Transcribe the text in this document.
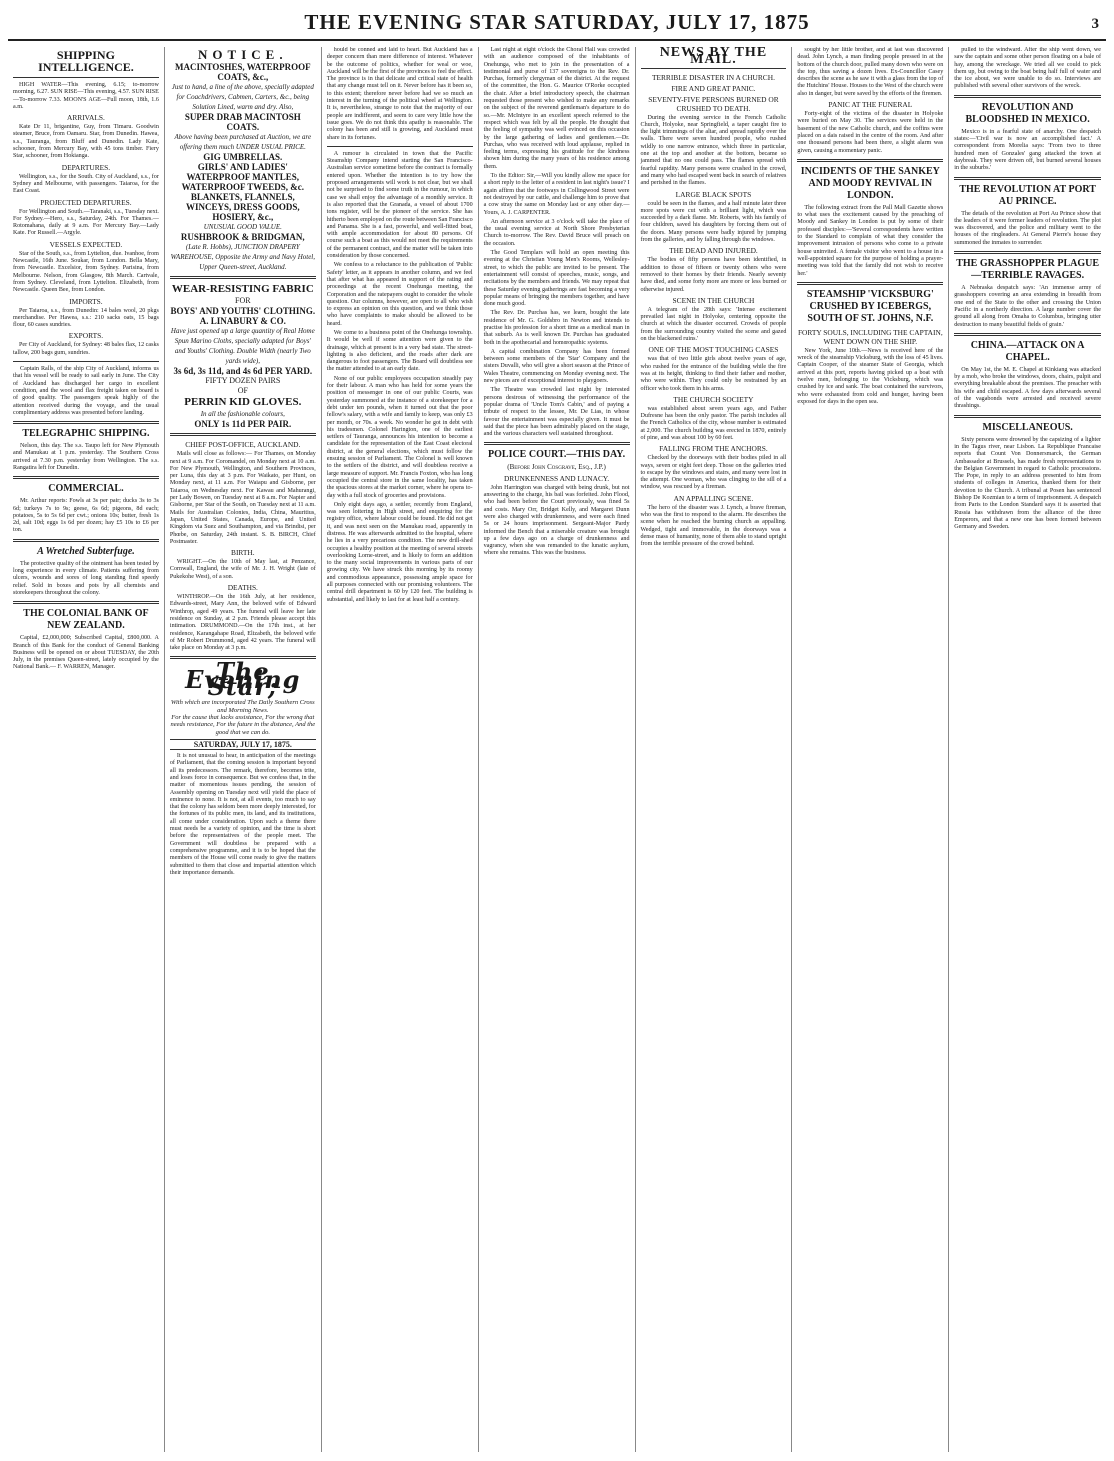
THE EVENING STAR SATURDAY, JULY 17, 1875	3
SHIPPING INTELLIGENCE.
HIGH WATER—This evening, 6.15; to-morrow morning, 6.27. SUN RISE—This evening, 4.57. SUN RISE—To-morrow 7.33. MOON'S AGE—Full moon, 18th, 1.6 a.m.
ARRIVALS.
Kate Dr 11, brigantine, Guy, from Timaru. Goodwin steamer, Bruce, from Oamaru. Star, from Dunedin. Hawea, s.s., Tauranga, from Bluff and Dunedin. Lady Kate, schooner, from Mercury Bay, with 45 tons timber. Fiery Star, schooner, from Hokianga.
DEPARTURES.
Wellington, s.s., for the South. City of Auckland, s.s., for Sydney and Melbourne, with passengers. Taiaroa, for the East Coast.
PROJECTED DEPARTURES.
For Wellington and South.—Taranaki, s.s., Tuesday next. For Sydney.—Hero, s.s., Saturday, 24th. For Thames.—Rotomahana, daily at 9 a.m. For Mercury Bay.—Lady Kate. For Russell.—Argyle.
VESSELS EXPECTED.
Star of the South, s.s., from Lyttelton, due. Ivanhoe, from Newcastle, 16th June. Soukar, from London. Bella Mary, from Newcastle. Excelsior, from Sydney. Parisina, from Melbourne. Nelson, from Glasgow, 8th March. Cartvale, from Sydney. Cleveland, from Lyttelton. Elizabeth, from Newcastle. Queen Bee, from London.
IMPORTS.
Per Taiaroa, s.s., from Dunedin: 14 bales wool, 20 pkgs merchandise. Per Hawea, s.s.: 210 sacks oats, 15 bags flour, 60 cases sundries.
EXPORTS.
Per City of Auckland, for Sydney: 48 bales flax, 12 casks tallow, 200 bags gum, sundries.
Captain Ralls, of the ship City of Auckland, informs us that his vessel will be ready to sail early in June. The City of Auckland has discharged her cargo in excellent condition, and the wool and flax freight taken on board is of good quality. The passengers speak highly of the attention received during the voyage, and the usual complimentary address was presented before landing.
TELEGRAPHIC SHIPPING.
Nelson, this day. The s.s. Taupo left for New Plymouth and Manukau at 1 p.m. yesterday. The Southern Cross arrived at 7.30 p.m. yesterday from Wellington. The s.s. Rangatira left for Dunedin.
COMMERCIAL.
Mr. Arthur reports: Fowls at 3s per pair; ducks 3s to 3s 6d; turkeys 7s to 9s; geese, 6s 6d; pigeons, 8d each; potatoes, 5s to 5s 6d per cwt.; onions 10s; butter, fresh 1s 2d, salt 10d; eggs 1s 6d per dozen; hay £5 10s to £6 per ton.
A Wretched Subterfuge.
The protective quality of the ointment has been tested by long experience in every climate. Patients suffering from ulcers, wounds and sores of long standing find speedy relief. Sold in boxes and pots by all chemists and storekeepers throughout the colony.
THE COLONIAL BANK OF NEW ZEALAND.
Capital, £2,000,000; Subscribed Capital, £800,000. A Branch of this Bank for the conduct of General Banking Business will be opened on or about TUESDAY, the 20th July, in the premises Queen-street, lately occupied by the National Bank.— F. WARREN, Manager.
NOTICE.
MACINTOSHES, WATERPROOF COATS, &c.,
Just to hand, a line of the above, specially adapted for Coachdrivers, Cabmen, Carters, &c., being Solution Lined, warm and dry. Also,
SUPER DRAB MACINTOSH COATS.
Above having been purchased at Auction, we are offering them much UNDER USUAL PRICE.
GIG UMBRELLAS.
GIRLS' AND LADIES' WATERPROOF MANTLES,
WATERPROOF TWEEDS, &c.
BLANKETS, FLANNELS, WINCEYS, DRESS GOODS, HOSIERY, &c.,
UNUSUAL GOOD VALUE.
RUSHBROOK & BRIDGMAN,
(Late R. Hobbs), JUNCTION DRAPERY WAREHOUSE, Opposite the Army and Navy Hotel, Upper Queen-street, Auckland.
WEAR-RESISTING FABRIC
FOR
BOYS' AND YOUTHS' CLOTHING.
A. LINABURY & CO.
Have just opened up a large quantity of Real Home Spun Marino Cloths, specially adapted for Boys' and Youths' Clothing. Double Width (nearly Two yards wide),
3s 6d, 3s 11d, and 4s 6d PER YARD.
FIFTY DOZEN PAIRS
OF
PERRIN KID GLOVES.
In all the fashionable colours,
ONLY 1s 11d PER PAIR.
CHIEF POST-OFFICE, AUCKLAND.
Mails will close as follows:— For Thames, on Monday next at 9 a.m. For Coromandel, on Monday next at 10 a.m. For New Plymouth, Wellington, and Southern Provinces, per Luna, this day at 3 p.m. For Waikato, per Hunt, on Monday next, at 11 a.m. For Waiapu and Gisborne, per Taiaroa, on Wednesday next. For Kawau and Mahurangi, per Lady Bowen, on Tuesday next at 8 a.m. For Napier and Gisborne, per Star of the South, on Tuesday next at 11 a.m. Mails for Australian Colonies, India, China, Mauritius, Japan, United States, Canada, Europe, and United Kingdom via Suez and Southampton, and via Brindisi, per Phœbe, on Saturday, 24th instant. S. B. BIRCH, Chief Postmaster.
BIRTH.
WRIGHT.—On the 10th of May last, at Penzance, Cornwall, England, the wife of Mr. J. H. Wright (late of Pukekohe West), of a son.
DEATHS.
WINTHROP.—On the 16th July, at her residence, Edwards-street, Mary Ann, the beloved wife of Edward Winthrop, aged 49 years. The funeral will leave her late residence on Sunday, at 2 p.m. Friends please accept this intimation. DRUMMOND.—On the 17th inst., at her residence, Karangahape Road, Elizabeth, the beloved wife of Mr Robert Drummond, aged 42 years. The funeral will take place on Monday at 3 p.m.
The Evening Star;
With which are incorporated The Daily Southern Cross and Morning News.
For the cause that lacks assistance, For the wrong that needs resistance, For the future in the distance, And the good that we can do.
SATURDAY, JULY 17, 1875.
It is not unusual to hear, in anticipation of the meetings of Parliament, that the coming session is important beyond all its predecessors. The remark, therefore, becomes trite, and loses force in consequence. But we confess that, in the matter of momentous issues pending, the session of Assembly opening on Tuesday next will yield the place of eminence to none. It is not, at all events, too much to say that the colony has seldom been more deeply interested, for the fortunes of its public men, its land, and its institutions, all come under consideration. Upon such a theme there must needs be a variety of opinion, and the time is short before the representatives of the people meet. The Government will doubtless be prepared with a comprehensive programme, and it is to be hoped that the members of the House will come ready to give the matters submitted to them that close and impartial attention which their importance demands.
hould be conned and laid to heart. But Auckland has a deeper concern than mere difference of interest. Whatever be the outcome of politics, whether for weal or woe, Auckland will be the first of the provinces to feel the effect. The province is in that delicate and critical state of health that any change must tell on it. Never before has it been so, to this extent; therefore never before had we so much an interest in the turning of the political wheel at Wellington. It is, nevertheless, strange to note that the majority of our people are indifferent, and seem to care very little how the issue goes. We do not think this apathy is reasonable. The colony has been and still is growing, and Auckland must share in its fortunes.
A rumour is circulated in town that the Pacific Steamship Company intend starting the San Francisco-Australian service sometime before the contract is formally entered upon. Whether the intention is to try how the proposed arrangements will work is not clear, but we shall not be surprised to find some truth in the rumour, in which case we shall enjoy the advantage of a monthly service. It is also reported that the Granada, a vessel of about 1700 tons register, will be the pioneer of the service. She has hitherto been employed on the route between San Francisco and Panama. She is a fast, powerful, and well-fitted boat, with ample accommodation for about 80 persons. Of course such a boat as this would not meet the requirements of the permanent contract, and the matter will be taken into consideration by those concerned.
We confess to a reluctance to the publication of 'Public Safety' letter, as it appears in another column, and we feel that after what has appeared in support of the rating and proceedings at the recent Onehunga meeting, the Corporation and the ratepayers ought to consider the whole question. Our columns, however, are open to all who wish to express an opinion on this question, and we think those who have complaints to make should be allowed to be heard.
We come to a business point of the Onehunga township. It would be well if some attention were given to the drainage, which at present is in a very bad state. The street-lighting is also deficient, and the roads after dark are dangerous to foot passengers. The Board will doubtless see the matter attended to at an early date.
None of our public employees occupation steadily pay for their labour. A man who has held for some years the position of messenger in one of our public Courts, was yesterday summoned at the instance of a storekeeper for a debt under ten pounds, when it turned out that the poor fellow's salary, with a wife and family to keep, was only £3 per month, or 70s. a week. No wonder he got in debt with his tradesmen. Colonel Harington, one of the earliest settlers of Tauranga, announces his intention to become a candidate for the representation of the East Coast electoral district, at the general elections, which must follow the ensuing session of Parliament. The Colonel is well known to the settlers of the district, and will doubtless receive a large measure of support. Mr. Francis Foxton, who has long occupied the central store in the same locality, has taken the spacious stores at the market corner, where he opens to-day with a full stock of groceries and provisions.
Only eight days ago, a settler, recently from England, was seen loitering in High street, and enquiring for the registry office, where labour could be found. He did not get it, and was next seen on the Manukau road, apparently in distress. He was afterwards admitted to the hospital, where he lies in a very precarious condition. The new drill-shed occupies a healthy position at the meeting of several streets overlooking Lorne-street, and is likely to form an addition to the many social improvements in various parts of our growing city. We have struck this morning by its roomy and commodious appearance, possessing ample space for all purposes connected with our promising volunteers. The central drill department is 60 by 120 feet. The building is substantial, and likely to last for at least half a century.
Last night at eight o'clock the Choral Hall was crowded with an audience composed of the inhabitants of Onehunga, who met to join in the presentation of a testimonial and purse of 137 sovereigns to the Rev. Dr. Purchas, formerly clergyman of the district. At the request of the committee, the Hon. G. Maurice O'Rorke occupied the chair. After a brief introductory speech, the chairman requested those present who wished to make any remarks on the subject of the reverend gentleman's departure to do so.—Mr. McIntyre in an excellent speech referred to the respect which was felt by all the people. He thought that the feeling of sympathy was well evinced on this occasion by the large gathering of ladies and gentlemen.—Dr. Purchas, who was received with loud applause, replied in feeling terms, expressing his gratitude for the kindness shown him during the many years of his residence among them.
To the Editor: Sir,—Will you kindly allow me space for a short reply to the letter of a resident in last night's issue? I again affirm that the footways in Collingwood Street were not destroyed by our cattle, and challenge him to prove that a cow stray the same on Monday last or any other day.—Yours, A. J. CARPENTER.
An afternoon service at 3 o'clock will take the place of the usual evening service at North Shore Presbyterian Church to-morrow. The Rev. David Bruce will preach on the occasion.
The Good Templars will hold an open meeting this evening at the Christian Young Men's Rooms, Wellesley-street, to which the public are invited to be present. The entertainment will consist of speeches, music, songs, and recitations by the members and friends. We may repeat that these Saturday evening gatherings are fast becoming a very popular means of bringing the members together, and have done much good.
The Rev. Dr. Purchas has, we learn, bought the late residence of Mr. G. Goldsbro in Newton and intends to practise his profession for a short time as a medical man in that suburb. As is well known Dr. Purchas has graduated both in the apothecarial and homœopathic systems.
A capital combination Company has been formed between some members of the 'Star' Company and the sisters Duvalli, who will give a short season at the Prince of Wales Theatre, commencing on Monday evening next. The new pieces are of exceptional interest to playgoers.
The Theatre was crowded last night by interested persons desirous of witnessing the performance of the popular drama of 'Uncle Tom's Cabin,' and of paying a tribute of respect to the lessee, Mr. De Lias, in whose favour the entertainment was especially given. It must be said that the piece has been admirably placed on the stage, and the various characters well sustained throughout.
POLICE COURT.—THIS DAY.
(Before John Cosgrave, Esq., J.P.)
DRUNKENNESS AND LUNACY.
John Harrington was charged with being drunk, but not answering to the charge, his bail was forfeited. John Flood, who had been before the Court previously, was fined 5s and costs. Mary Orr, Bridget Kelly, and Margaret Dunn were also charged with drunkenness, and were each fined 5s or 24 hours imprisonment. Sergeant-Major Pardy informed the Bench that a miserable creature was brought up a few days ago on a charge of drunkenness and vagrancy, when she was remanded to the lunatic asylum, where she remains. This was the business.
NEWS BY THE MAIL.
TERRIBLE DISASTER IN A CHURCH.
FIRE AND GREAT PANIC.
SEVENTY-FIVE PERSONS BURNED OR CRUSHED TO DEATH.
During the evening service in the French Catholic Church, Holyoke, near Springfield, a taper caught fire to the light trimmings of the altar, and spread rapidly over the walls. There were seven hundred people, who rushed wildly to one narrow entrance, which three in particular, one at the top and another at the bottom, became so jammed that no one could pass. The flames spread with fearful rapidity. Many persons were crushed in the crowd, and many who had escaped went back in search of relatives and perished in the flames.
LARGE BLACK SPOTS
could be seen in the flames, and a half minute later three more spots were cut with a brilliant light, which was succeeded by a dark flame. Mr. Roberts, with his family of four children, saved his daughters by forcing them out of the doors. Many persons were badly injured by jumping from the galleries, and by falling through the windows.
THE DEAD AND INJURED.
The bodies of fifty persons have been identified, in addition to those of fifteen or twenty others who were removed to their homes by their friends. Nearly seventy have died, and some forty more are more or less burned or otherwise injured.
SCENE IN THE CHURCH
A telegram of the 28th says: 'Intense excitement prevailed last night in Holyoke, centering opposite the church at which the disaster occurred. Crowds of people from the surrounding country visited the scene and gazed on the blackened ruins.'
ONE OF THE MOST TOUCHING CASES
was that of two little girls about twelve years of age, who rushed for the entrance of the building while the fire was at its height, thinking to find their father and mother, who were within. They could only be restrained by an officer who took them in his arms.
THE CHURCH SOCIETY
was established about seven years ago, and Father Dufresne has been the only pastor. The parish includes all the French Catholics of the city, whose number is estimated at 2,000. The church building was erected in 1870, entirely of pine, and was about 100 by 60 feet.
FALLING FROM THE ANCHORS.
Checked by the doorways with their bodies piled in all ways, seven or eight feet deep. Those on the galleries tried to escape by the windows and stairs, and many were lost in the attempt. One woman, who was clinging to the sill of a window, was rescued by a fireman.
AN APPALLING SCENE.
The hero of the disaster was J. Lynch, a brave fireman, who was the first to respond to the alarm. He describes the scene when he reached the burning church as appalling. Wedged, tight and immovable, in the doorways was a dense mass of humanity, none of them able to stand upright from the terrible pressure of the crowd behind.
sought by her little brother, and at last was discovered dead. John Lynch, a man finding people pressed in at the bottom of the church door, pulled many down who were on the top, thus saving a dozen lives. Ex-Councillor Casey describes the scene as he saw it with a glass from the top of the Hutchins' House. Houses to the West of the church were also in danger, but were saved by the efforts of the firemen.
PANIC AT THE FUNERAL
Forty-eight of the victims of the disaster in Holyoke were buried on May 30. The services were held in the basement of the new Catholic church, and the coffins were placed on a dais raised in the centre of the room. And after one thousand persons had been there, a slight alarm was given, causing a momentary panic.
INCIDENTS OF THE SANKEY AND MOODY REVIVAL IN LONDON.
The following extract from the Pall Mall Gazette shows to what uses the excitement caused by the preaching of Moody and Sankey in London is put by some of their professed disciples:—'Several correspondents have written to the Standard to complain of what they consider the improvement intrusion of persons who come to a private house uninvited. A female visitor who went to a house in a well-appointed square for the purpose of holding a prayer-meeting was told that the family did not wish to receive her.'
STEAMSHIP 'VICKSBURG' CRUSHED BY ICEBERGS, SOUTH OF ST. JOHNS, N.F.
FORTY SOULS, INCLUDING THE CAPTAIN, WENT DOWN ON THE SHIP.
New York, June 10th.—News is received here of the wreck of the steamship Vicksburg, with the loss of 45 lives. Captain Cooper, of the steamer State of Georgia, which arrived at this port, reports having picked up a boat with twelve men, belonging to the Vicksburg, which was crushed by ice and sank. The boat contained the survivors, who were exhausted from cold and hunger, having been exposed for days in the open sea.
pulled to the windward. After the ship went down, we saw the captain and some other person floating on a bale of hay, among the wreckage. We tried all we could to pick them up, but owing to the boat being half full of water and the ice about, we were unable to do so. Interviews are published with several other survivors of the wreck.
REVOLUTION AND BLOODSHED IN MEXICO.
Mexico is in a fearful state of anarchy. One despatch states:—'Civil war is now an accomplished fact.' A correspondent from Morelia says: 'From two to three hundred men of Gonzales' gang attacked the town at daybreak. They were driven off, but burned several houses in the suburbs.'
THE REVOLUTION AT PORT AU PRINCE.
The details of the revolution at Port Au Prince show that the leaders of it were former leaders of revolution. The plot was discovered, and the police and military went to the houses of the ringleaders. At General Pierre's house they summoned the inmates to surrender.
THE GRASSHOPPER PLAGUE—TERRIBLE RAVAGES.
A Nebraska despatch says: 'An immense army of grasshoppers covering an area extending in breadth from one end of the State to the other and crossing the Union Pacific in a northerly direction. A large number cover the ground all along from Omaha to Columbus, bringing utter destruction to many beautiful fields of grain.'
CHINA.—ATTACK ON A CHAPEL.
On May 1st, the M. E. Chapel at Kinkiang was attacked by a mob, who broke the windows, doors, chairs, pulpit and everything breakable about the premises. The preacher with his wife and child escaped. A few days afterwards several of the vagabonds were arrested and received severe thrashings.
MISCELLANEOUS.
Sixty persons were drowned by the capsizing of a lighter in the Tagus river, near Lisbon. La Republique Francaise reports that Count Von Donnersmarck, the German Ambassador at Brussels, has made fresh representations to the Belgian Government in regard to Catholic processions. The Pope, in reply to an address presented to him from students of colleges in America, thanked them for their devotion to the Church. A tribunal at Posen has sentenced Bishop De Kozmian to a term of imprisonment. A despatch from Paris to the London Standard says it is asserted that Russia has withdrawn from the alliance of the three Emperors, and that a new one has been formed between Germany and Sweden.
